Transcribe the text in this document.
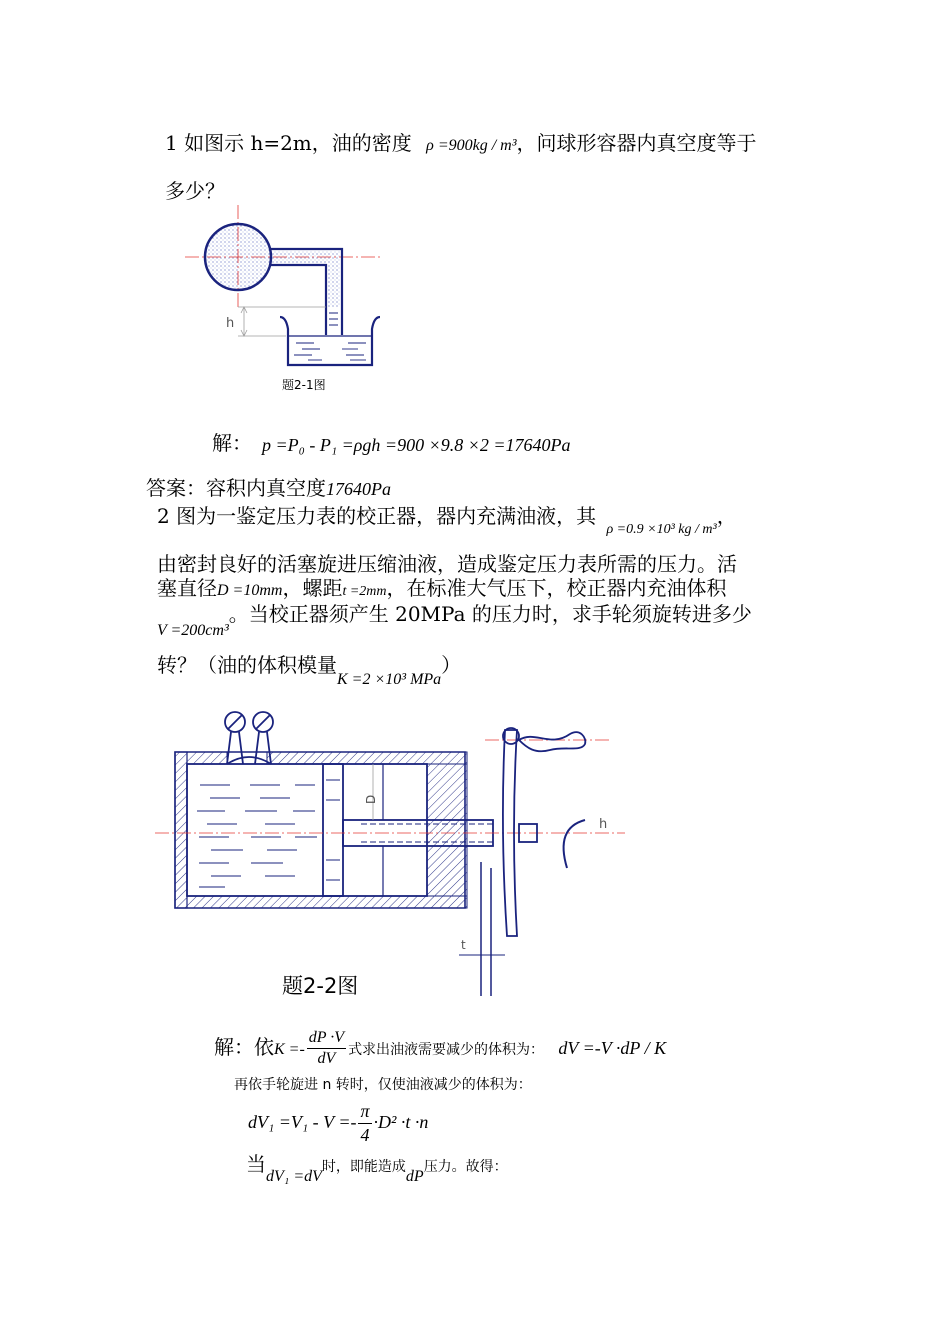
1 如图示 h=2m，油的密度 ρ =900kg / m³，问球形容器内真空度等于
多少？
h
题2-1图
解： p =P₀ - P₁ =ρgh =900 ×9.8 ×2 =17640Pa
答案：容积内真空度17640Pa
2 图为一鉴定压力表的校正器，器内充满油液，其 $_{\rho =0.9 \times 10^3 kg / m^3}$，
由密封良好的活塞旋进压缩油液，造成鉴定压力表所需的压力。活
塞直径D =10mm，螺距t =2mm，在标准大气压下，校正器内充油体积
$_{V =200cm^3}$。当校正器须产生 20MPa 的压力时，求手轮须旋转进多少
转？（油的体积模量$_{K =2 \times 10^3 MPa}$）
D
h
t
题2-2图
解：依$K =- \frac{dP \cdot V}{dV}$ 式求出油液需要减少的体积为： dV =-V ·dP / K
再依手轮旋进 n 转时，仅使油液减少的体积为：
$dV_1 =V_1 - V =- \frac{\pi}{4} \cdot D^2 \cdot t \cdot n$
当$_{dV_1 =dV}$时，即能造成$_{dP}$压力。故得：
